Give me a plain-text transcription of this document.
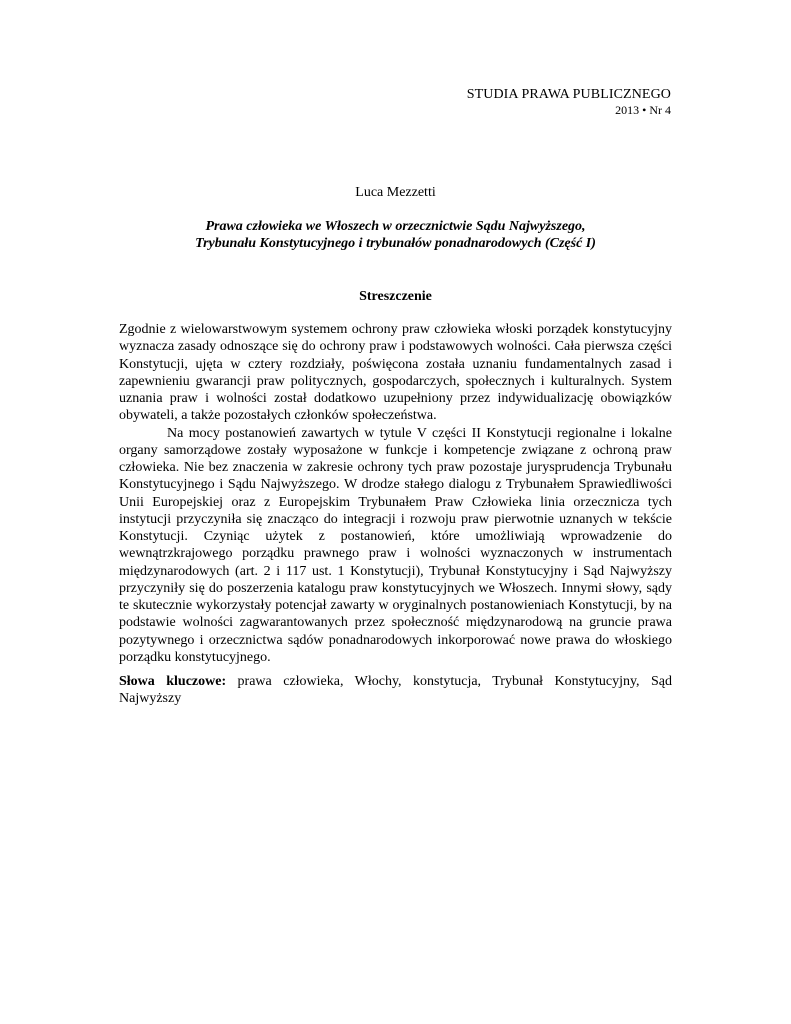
STUDIA PRAWA PUBLICZNEGO
2013 • Nr 4
Luca Mezzetti
Prawa człowieka we Włoszech w orzecznictwie Sądu Najwyższego,
Trybunału Konstytucyjnego i trybunałów ponadnarodowych (Część I)
Streszczenie

Zgodnie z wielowarstwowym systemem ochrony praw człowieka włoski porządek konstytucyjny wyznacza zasady odnoszące się do ochrony praw i podstawowych wolności. Cała pierwsza części Konstytucji, ujęta w cztery rozdziały, poświęcona została uznaniu fundamentalnych zasad i zapewnieniu gwarancji praw politycznych, gospodarczych, społecznych i kulturalnych. System uznania praw i wolności został dodatkowo uzupełniony przez indywidualizację obowiązków obywateli, a także pozostałych członków społeczeństwa.

Na mocy postanowień zawartych w tytule V części II Konstytucji regionalne i lokalne organy samorządowe zostały wyposażone w funkcje i kompetencje związane z ochroną praw człowieka. Nie bez znaczenia w zakresie ochrony tych praw pozostaje jurysprudencja Trybunału Konstytucyjnego i Sądu Najwyższego. W drodze stałego dialogu z Trybunałem Sprawiedliwości Unii Europejskiej oraz z Europejskim Trybunałem Praw Człowieka linia orzecznicza tych instytucji przyczyniła się znacząco do integracji i rozwoju praw pierwotnie uznanych w tekście Konstytucji. Czyniąc użytek z postanowień, które umożliwiają wprowadzenie do wewnątrzkrajowego porządku prawnego praw i wolności wyznaczonych w instrumentach międzynarodowych (art. 2 i 117 ust. 1 Konstytucji), Trybunał Konstytucyjny i Sąd Najwyższy przyczyniły się do poszerzenia katalogu praw konstytucyjnych we Włoszech. Innymi słowy, sądy te skutecznie wykorzystały potencjał zawarty w oryginalnych postanowieniach Konstytucji, by na podstawie wolności zagwarantowanych przez społeczność międzynarodową na gruncie prawa pozytywnego i orzecznictwa sądów ponadnarodowych inkorporować nowe prawa do włoskiego porządku konstytucyjnego.

Słowa kluczowe: prawa człowieka, Włochy, konstytucja, Trybunał Konstytucyjny, Sąd Najwyższy
